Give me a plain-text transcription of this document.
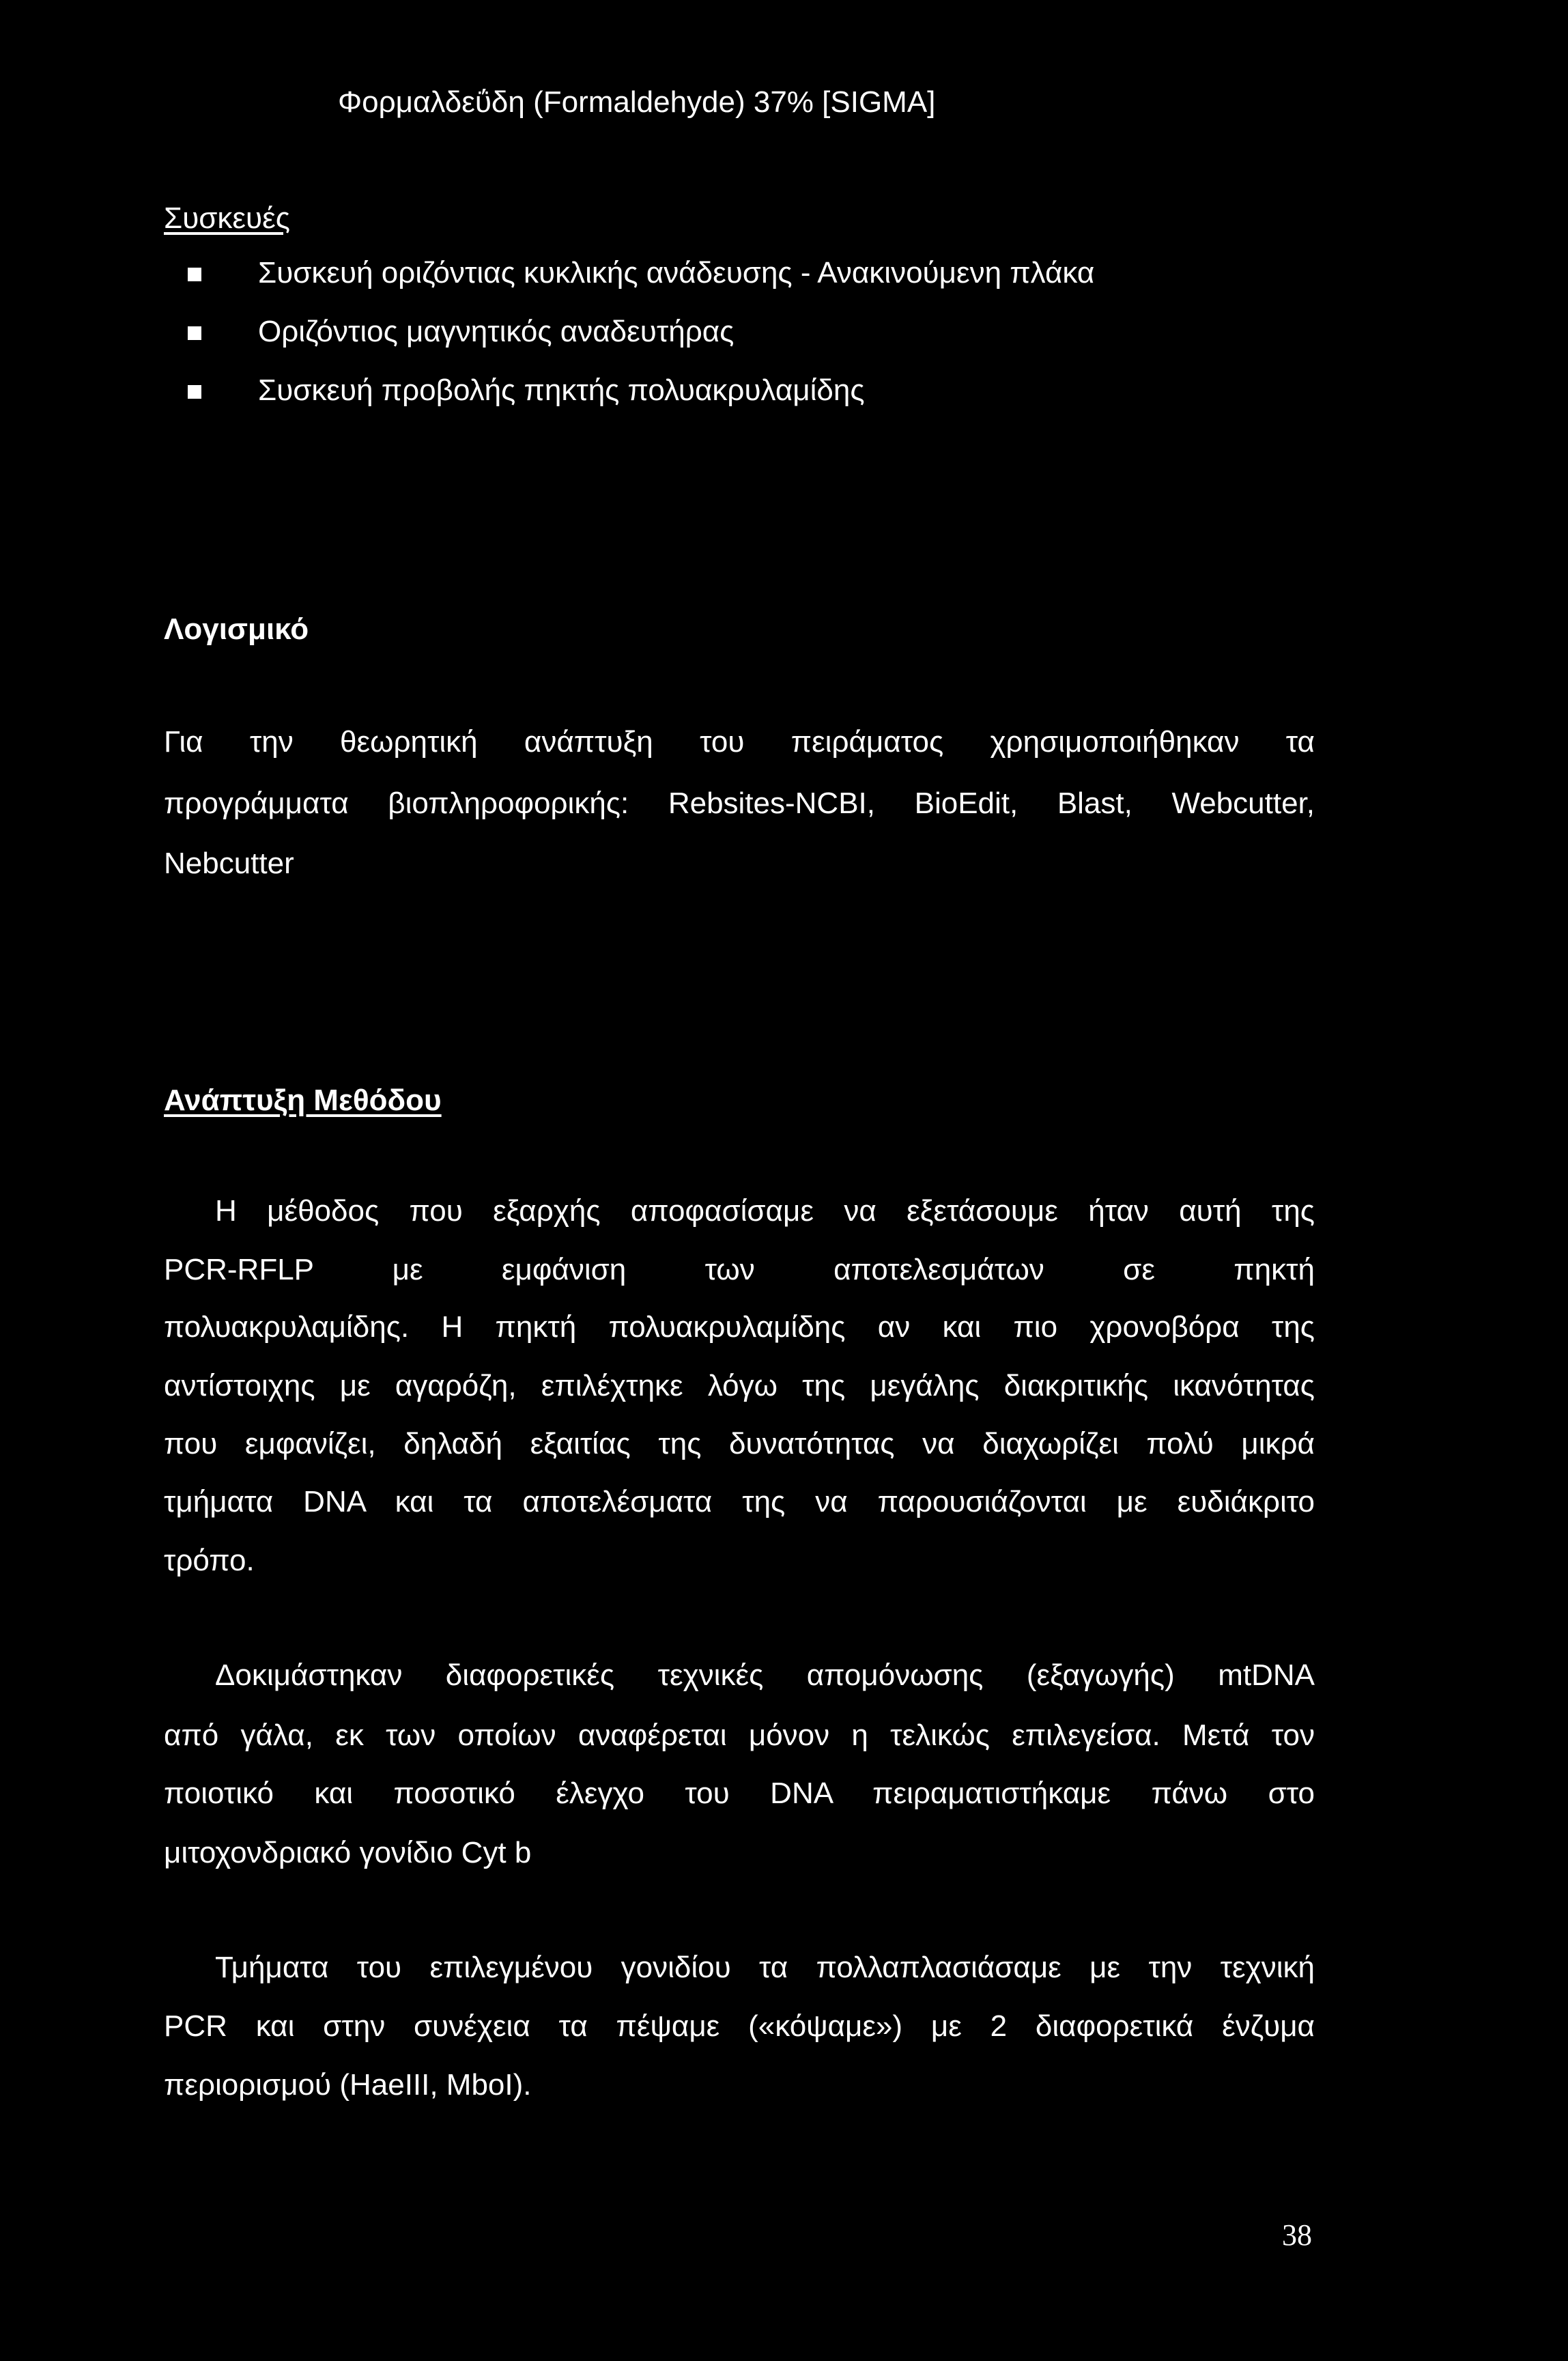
Φορμαλδεΰδη (Formaldehyde) 37% [SIGMA]

Συσκευές

Συσκευή οριζόντιας κυκλικής ανάδευσης - Ανακινούμενη πλάκα
Οριζόντιος μαγνητικός αναδευτήρας
Συσκευή προβολής πηκτής πολυακρυλαμίδης

Λογισμικό

Για την θεωρητική ανάπτυξη του πειράματος χρησιμοποιήθηκαν τα

προγράμματα βιοπληροφορικής: Rebsites-NCBI, BioEdit, Blast, Webcutter,

Nebcutter

Ανάπτυξη Μεθόδου

Η μέθοδος που εξαρχής αποφασίσαμε να εξετάσουμε ήταν αυτή της

PCR-RFLP με εμφάνιση των αποτελεσμάτων σε πηκτή

πολυακρυλαμίδης. Η πηκτή πολυακρυλαμίδης αν και πιο χρονοβόρα της

αντίστοιχης με αγαρόζη, επιλέχτηκε λόγω της μεγάλης διακριτικής ικανότητας

που εμφανίζει, δηλαδή εξαιτίας της δυνατότητας να διαχωρίζει πολύ μικρά

τμήματα DNA και τα αποτελέσματα της να παρουσιάζονται με ευδιάκριτο

τρόπο.

Δοκιμάστηκαν διαφορετικές τεχνικές απομόνωσης (εξαγωγής) mtDNA

από γάλα, εκ των οποίων αναφέρεται μόνον η τελικώς επιλεγείσα. Μετά τον

ποιοτικό και ποσοτικό έλεγχο του DNA πειραματιστήκαμε πάνω στο

μιτοχονδριακό γονίδιο Cyt b

Τμήματα του επιλεγμένου γονιδίου τα πολλαπλασιάσαμε με την τεχνική

PCR και στην συνέχεια τα πέψαμε («κόψαμε») με 2 διαφορετικά ένζυμα

περιορισμού (HaeIII, MboI).

38
